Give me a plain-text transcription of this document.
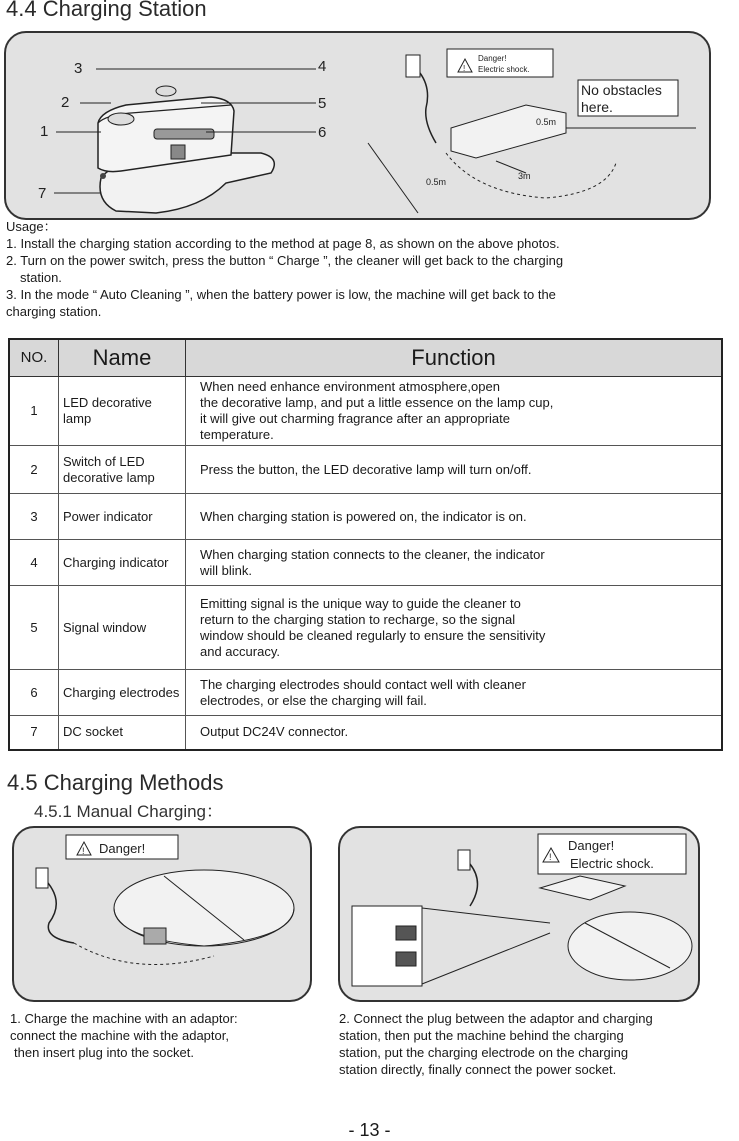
4.4 Charging Station
3	4
2	5
1	6
7
!
Danger!
Electric shock.
No obstacles
here.
0.5m
0.5m
3m

Usage：

1. Install the charging station according to the method at page 8, as shown on the above photos.

2. Turn on the power switch, press the button “ Charge ”, the cleaner will get back to the charging

station.

3. In the mode “ Auto Cleaning ”, when the battery power is low, the machine will get back to the

charging station.

NO.	Name	Function
1	LED decorative lamp	When need enhance environment atmosphere,open
the decorative lamp, and put a little essence on the lamp cup,
it will give out charming fragrance after an appropriate
temperature.

2	Switch of LED decorative lamp	Press the button, the LED decorative lamp will turn on/off.

3	Power indicator	When charging station is powered on, the indicator is on.

4	Charging indicator	When charging station connects to the cleaner, the indicator
will blink.

5	Signal window	Emitting signal is the unique way to guide the cleaner to
return to the charging station to recharge, so the signal
window should be cleaned regularly to ensure the sensitivity
and accuracy.

6	Charging electrodes	The charging electrodes should contact well with cleaner
electrodes, or else the charging will fail.

7	DC socket	Output DC24V connector.
4.5 Charging Methods
4.5.1 Manual Charging：
! Danger!
!
Danger!
Electric shock.
1. Charge the machine with an adaptor:
connect the machine with the adaptor,
then insert plug into the socket.
2. Connect the plug between the adaptor and charging
station, then put the machine behind the charging
station, put the charging electrode on the charging
station directly, finally connect the power socket.
- 13 -
